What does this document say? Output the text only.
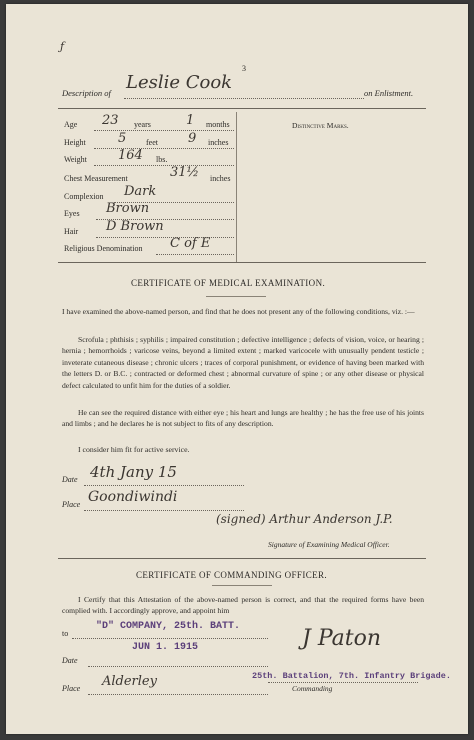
ƒ
3
Description of Leslie Cook	on Enlistment.
Age 23 years	1 months
Height 5 feet 9 inches
Weight 164 lbs.
Chest Measurement	31½ inches
Complexion Dark
Eyes Brown
Hair D Brown
Religious Denomination C of E
Distinctive Marks.
CERTIFICATE OF MEDICAL EXAMINATION.
I have examined the above-named person, and find that he does not present any of the following conditions, viz. :—
Scrofula ; phthisis ; syphilis ; impaired constitution ; defective intelligence ; defects of vision, voice, or hearing ; hernia ; hemorrhoids ; varicose veins, beyond a limited extent ; marked varicocele with unusually pendent testicle ; inveterate cutaneous disease ; chronic ulcers ; traces of corporal punishment, or evidence of having been marked with the letters D. or B.C. ; contracted or deformed chest ; abnormal curvature of spine ; or any other disease or physical defect calculated to unfit him for the duties of a soldier.
He can see the required distance with either eye ; his heart and lungs are healthy ; he has the free use of his joints and limbs ; and he declares he is not subject to fits of any description.
I consider him fit for active service.
Date 4th Jany 15
Place Goondiwindi
(signed) Arthur Anderson J.P.
Signature of Examining Medical Officer.
CERTIFICATE OF COMMANDING OFFICER.
I Certify that this Attestation of the above-named person is correct, and that the required forms have been complied with. I accordingly approve, and appoint him
to
"D" COMPANY, 25th. BATT.
JUN 1. 1915
Date
Place Alderley
J Paton
25th. Battalion, 7th. Infantry Brigade.
Commanding
